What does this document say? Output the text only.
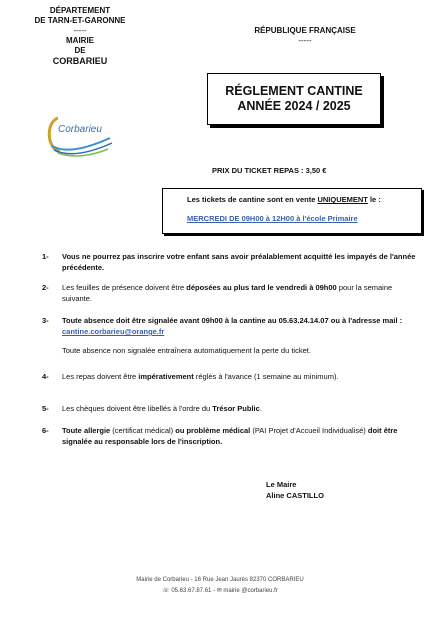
DÉPARTEMENT
DE TARN-ET-GARONNE
-----
MAIRIE
DE
CORBARIEU
RÉPUBLIQUE FRANÇAISE
-----
Corbarieu
RÉGLEMENT CANTINE
ANNÉE 2024 / 2025
PRIX DU TICKET REPAS : 3,50 €
Les tickets de cantine sont en vente UNIQUEMENT le :
MERCREDI DE 09H00 à 12H00 à l'école Primaire
1- Vous ne pourrez pas inscrire votre enfant sans avoir préalablement acquitté les impayés de l'année précédente.
2- Les feuilles de présence doivent être déposées au plus tard le vendredi à 09h00 pour la semaine suivante.
3- Toute absence doit être signalée avant 09h00 à la cantine au 05.63.24.14.07 ou à l'adresse mail : cantine.corbarieu@orange.fr
Toute absence non signalée entraînera automatiquement la perte du ticket.
4- Les repas doivent être impérativement réglés à l'avance (1 semaine au minimum).
5- Les chèques doivent être libellés à l'ordre du Trésor Public.
6- Toute allergie (certificat médical) ou problème médical (PAI Projet d'Accueil Individualisé) doit être signalée au responsable lors de l'inscription.
Le Maire
Aline CASTILLO
Mairie de Corbarieu - 16 Rue Jean Jaurès 82370 CORBARIEU
☏ 05.63.67.87.61 - ✉ mairie @corbarieu.fr
